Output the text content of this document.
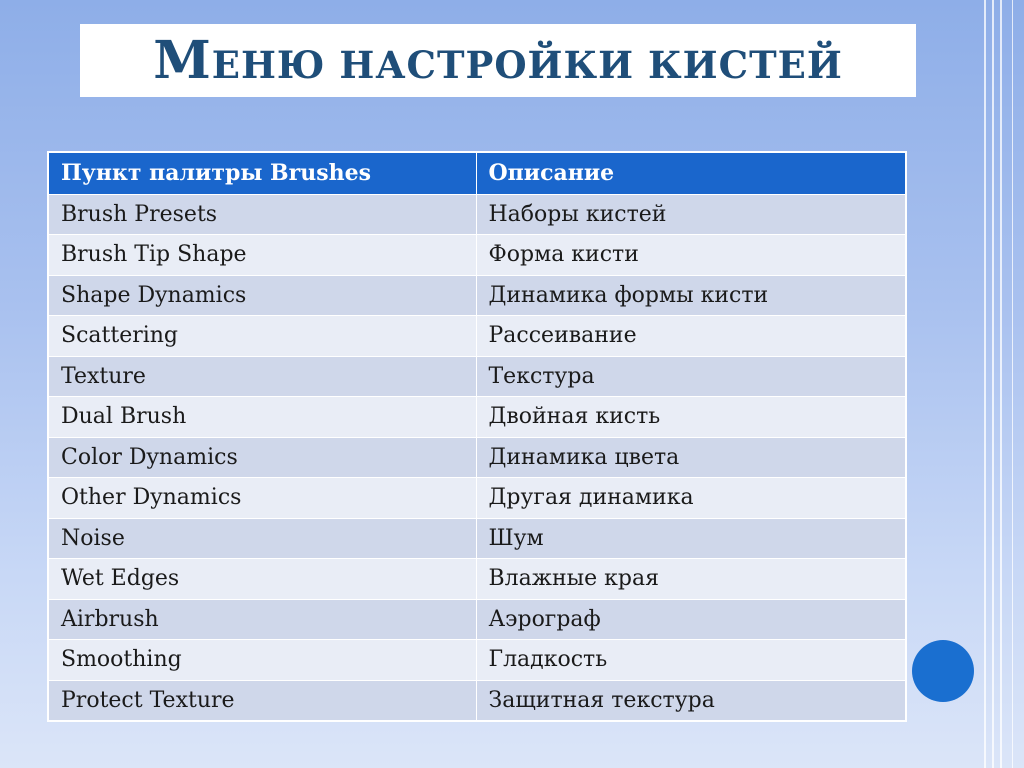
МЕНЮ НАСТРОЙКИ КИСТЕЙ
Пункт палитры Brushes	Описание
Brush Presets	Наборы кистей
Brush Tip Shape	Форма кисти
Shape Dynamics	Динамика формы кисти
Scattering	Рассеивание
Texture	Текстура
Dual Brush	Двойная кисть
Color Dynamics	Динамика цвета
Other Dynamics	Другая динамика
Noise	Шум
Wet Edges	Влажные края
Airbrush	Аэрограф
Smoothing	Гладкость
Protect Texture	Защитная текстура
